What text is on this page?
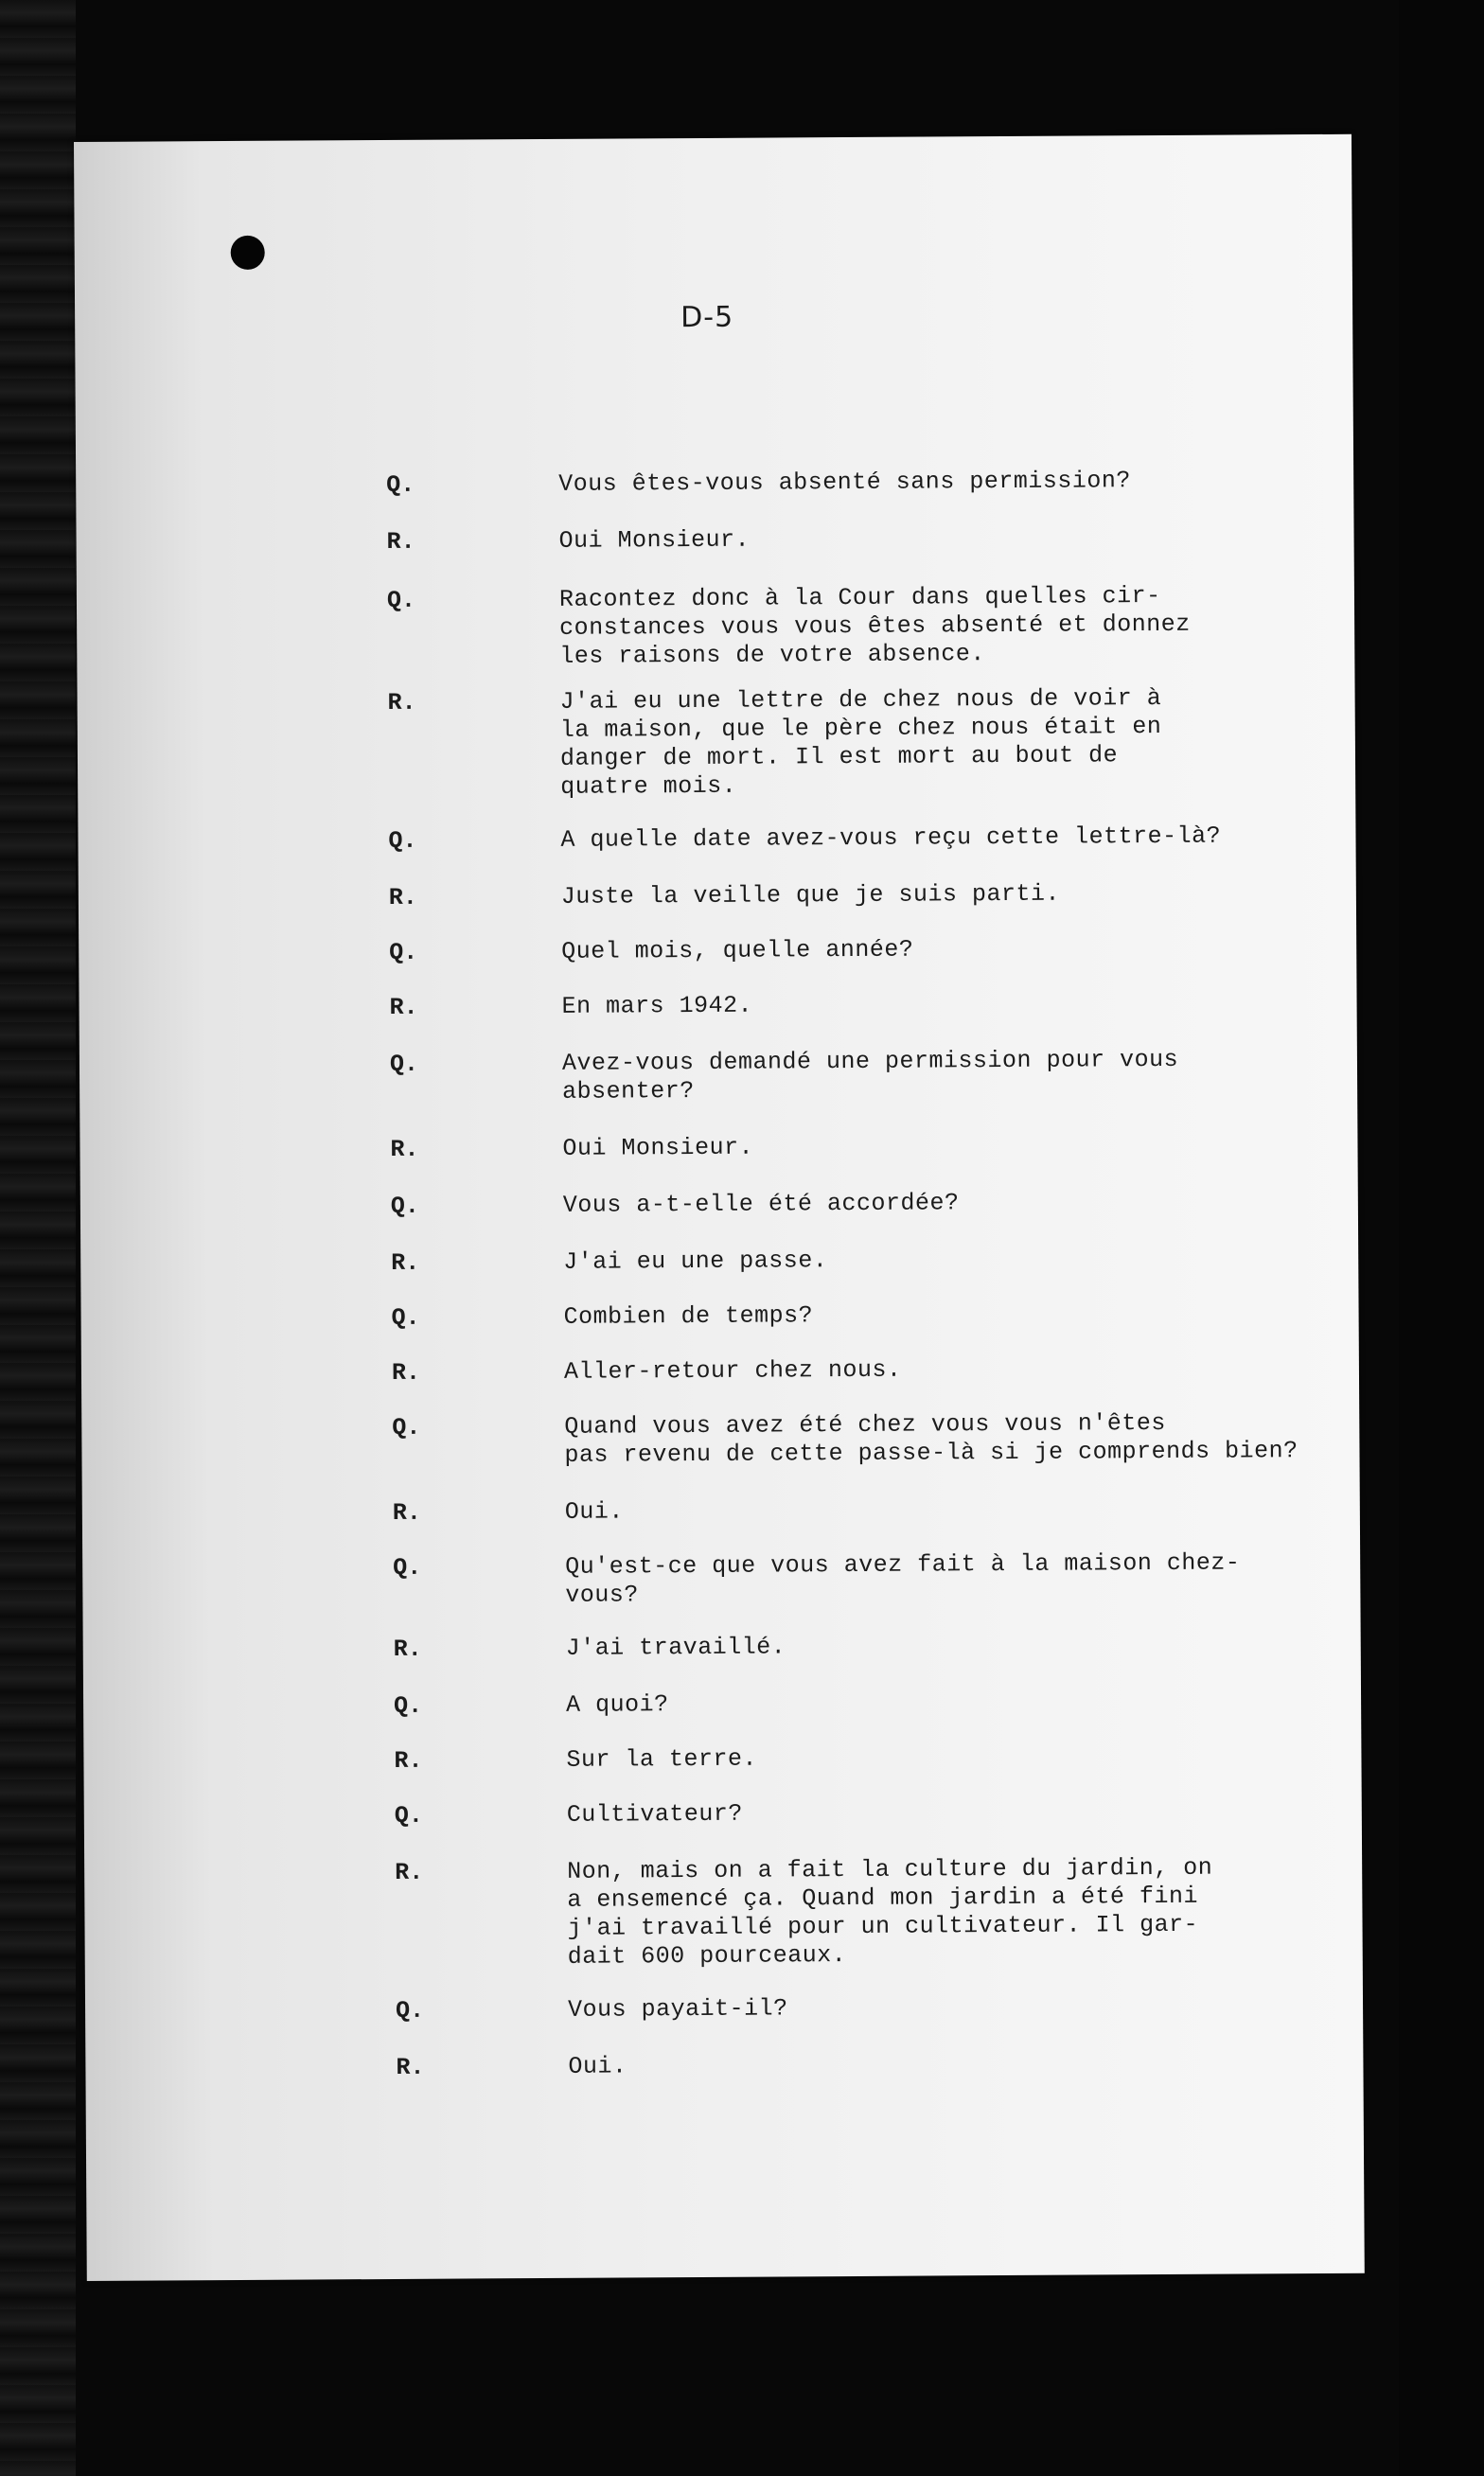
D-5
Q.	Vous êtes-vous absenté sans permission?
R.	Oui Monsieur.
Q.	Racontez donc à la Cour dans quelles cir-
constances vous vous êtes absenté et donnez
les raisons de votre absence.
R.	J'ai eu une lettre de chez nous de voir à
la maison, que le père chez nous était en
danger de mort. Il est mort au bout de
quatre mois.
Q.	A quelle date avez-vous reçu cette lettre-là?
R.	Juste la veille que je suis parti.
Q.	Quel mois, quelle année?
R.	En mars 1942.
Q.	Avez-vous demandé une permission pour vous
absenter?
R.	Oui Monsieur.
Q.	Vous a-t-elle été accordée?
R.	J'ai eu une passe.
Q.	Combien de temps?
R.	Aller-retour chez nous.
Q.	Quand vous avez été chez vous vous n'êtes
pas revenu de cette passe-là si je comprends bien?
R.	Oui.
Q.	Qu'est-ce que vous avez fait à la maison chez-
vous?
R.	J'ai travaillé.
Q.	A quoi?
R.	Sur la terre.
Q.	Cultivateur?
R.	Non, mais on a fait la culture du jardin, on
a ensemencé ça. Quand mon jardin a été fini
j'ai travaillé pour un cultivateur. Il gar-
dait 600 pourceaux.
Q.	Vous payait-il?
R.	Oui.
